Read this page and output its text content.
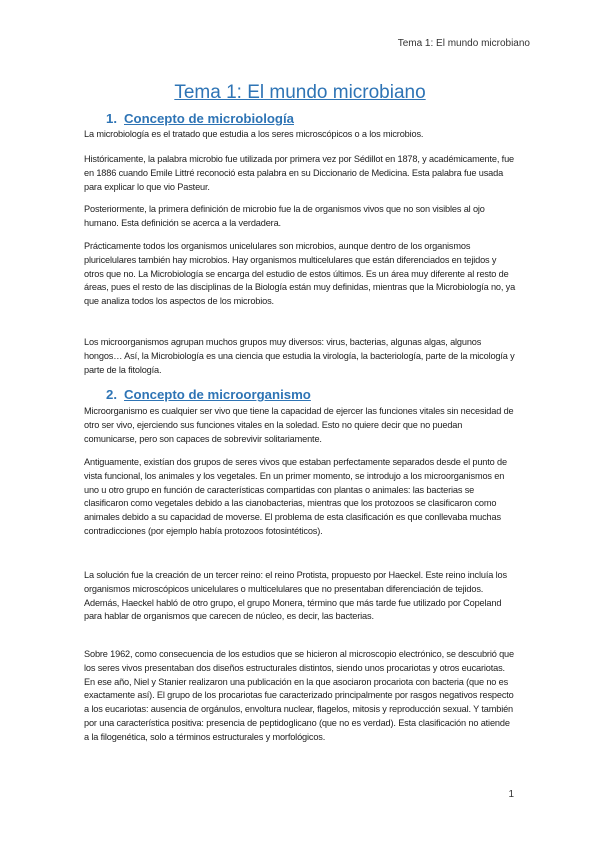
Tema 1: El mundo microbiano
Tema 1: El mundo microbiano
1. Concepto de microbiología

La microbiología es el tratado que estudia a los seres microscópicos o a los microbios.

Históricamente, la palabra microbio fue utilizada por primera vez por Sédillot en 1878, y académicamente, fue en 1886 cuando Emile Littré reconoció esta palabra en su Diccionario de Medicina. Esta palabra fue usada para explicar lo que vio Pasteur.

Posteriormente, la primera definición de microbio fue la de organismos vivos que no son visibles al ojo humano. Esta definición se acerca a la verdadera.

Prácticamente todos los organismos unicelulares son microbios, aunque dentro de los organismos pluricelulares también hay microbios. Hay organismos multicelulares que están diferenciados en tejidos y otros que no. La Microbiología se encarga del estudio de estos últimos. Es un área muy diferente al resto de áreas, pues el resto de las disciplinas de la Biología están muy definidas, mientras que la Microbiología no, ya que analiza todos los aspectos de los microbios.

Los microorganismos agrupan muchos grupos muy diversos: virus, bacterias, algunas algas, algunos hongos… Así, la Microbiología es una ciencia que estudia la virología, la bacteriología, parte de la micología y parte de la fitología.

2. Concepto de microorganismo

Microorganismo es cualquier ser vivo que tiene la capacidad de ejercer las funciones vitales sin necesidad de otro ser vivo, ejerciendo sus funciones vitales en la soledad. Esto no quiere decir que no puedan comunicarse, pero son capaces de sobrevivir solitariamente.

Antiguamente, existían dos grupos de seres vivos que estaban perfectamente separados desde el punto de vista funcional, los animales y los vegetales. En un primer momento, se introdujo a los microorganismos en uno u otro grupo en función de características compartidas con plantas o animales: las bacterias se clasificaron como vegetales debido a las cianobacterias, mientras que los protozoos se clasificaron como animales debido a su capacidad de moverse. El problema de esta clasificación es que conllevaba muchas contradicciones (por ejemplo había protozoos fotosintéticos).

La solución fue la creación de un tercer reino: el reino Protista, propuesto por Haeckel. Este reino incluía los organismos microscópicos unicelulares o multicelulares que no presentaban diferenciación de tejidos. Además, Haeckel habló de otro grupo, el grupo Monera, término que más tarde fue utilizado por Copeland para hablar de organismos que carecen de núcleo, es decir, las bacterias.

Sobre 1962, como consecuencia de los estudios que se hicieron al microscopio electrónico, se descubrió que los seres vivos presentaban dos diseños estructurales distintos, siendo unos procariotas y otros eucariotas. En ese año, Niel y Stanier realizaron una publicación en la que asociaron procariota con bacteria (que no es exactamente así). El grupo de los procariotas fue caracterizado principalmente por rasgos negativos respecto a los eucariotas: ausencia de orgánulos, envoltura nuclear, flagelos, mitosis y reproducción sexual. Y también por una característica positiva: presencia de peptidoglicano (que no es verdad). Esta clasificación no atiende a la filogenética, solo a términos estructurales y morfológicos.

1
